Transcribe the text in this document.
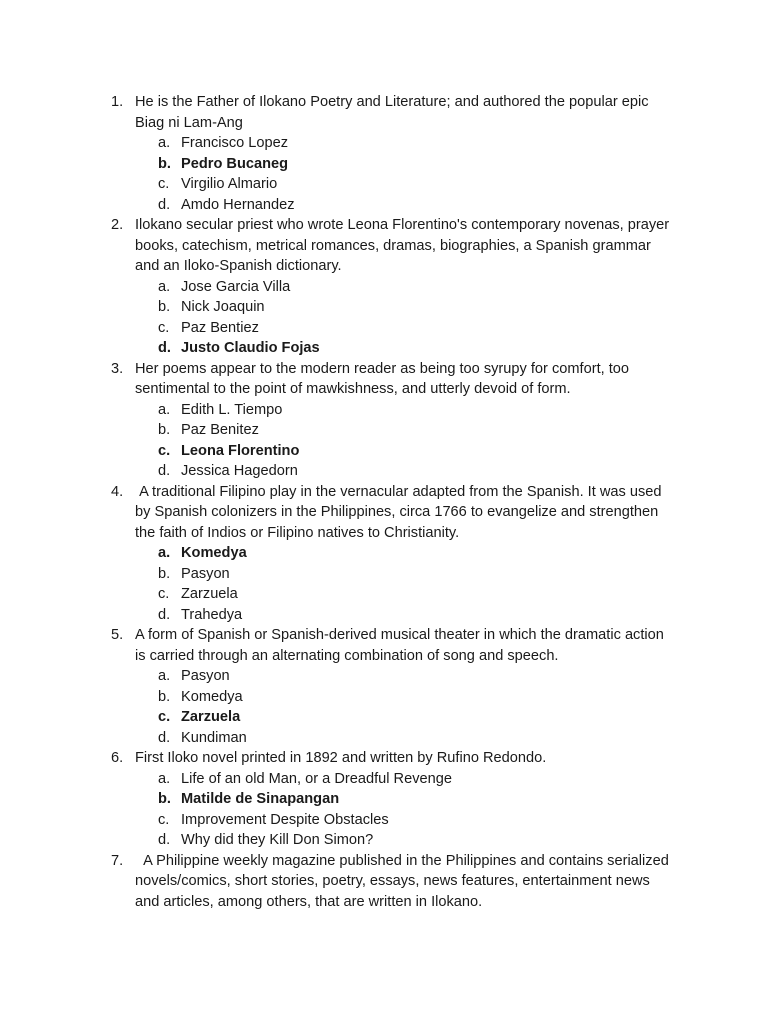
1. He is the Father of Ilokano Poetry and Literature; and authored the popular epic Biag ni Lam-Ang
a. Francisco Lopez
b. Pedro Bucaneg
c. Virgilio Almario
d. Amdo Hernandez
2. Ilokano secular priest who wrote Leona Florentino's contemporary novenas, prayer books, catechism, metrical romances, dramas, biographies, a Spanish grammar and an Iloko-Spanish dictionary.
a. Jose Garcia Villa
b. Nick Joaquin
c. Paz Bentiez
d. Justo Claudio Fojas
3. Her poems appear to the modern reader as being too syrupy for comfort, too sentimental to the point of mawkishness, and utterly devoid of form.
a. Edith L. Tiempo
b. Paz Benitez
c. Leona Florentino
d. Jessica Hagedorn
4. A traditional Filipino play in the vernacular adapted from the Spanish. It was used by Spanish colonizers in the Philippines, circa 1766 to evangelize and strengthen the faith of Indios or Filipino natives to Christianity.
a. Komedya
b. Pasyon
c. Zarzuela
d. Trahedya
5. A form of Spanish or Spanish-derived musical theater in which the dramatic action is carried through an alternating combination of song and speech.
a. Pasyon
b. Komedya
c. Zarzuela
d. Kundiman
6. First Iloko novel printed in 1892 and written by Rufino Redondo.
a. Life of an old Man, or a Dreadful Revenge
b. Matilde de Sinapangan
c. Improvement Despite Obstacles
d. Why did they Kill Don Simon?
7. A Philippine weekly magazine published in the Philippines and contains serialized novels/comics, short stories, poetry, essays, news features, entertainment news and articles, among others, that are written in Ilokano.
